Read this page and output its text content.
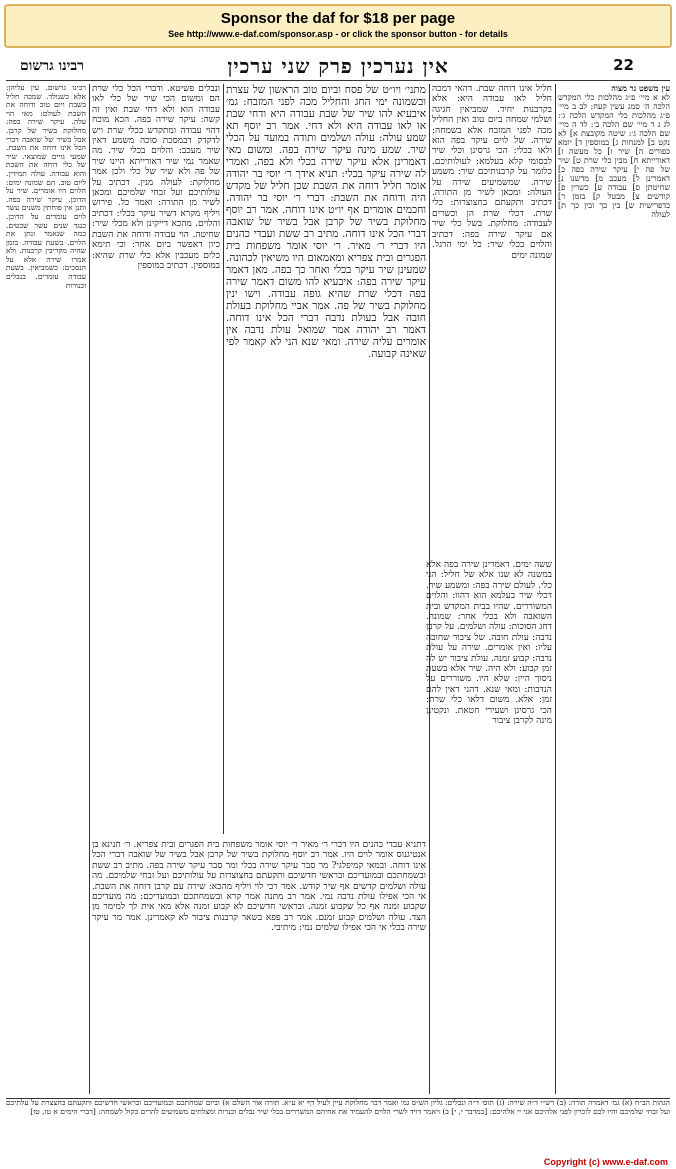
Sponsor the daf for $18 per page
See http://www.e-daf.com/sponsor.asp - or click the sponsor button - for details
22
אין נערכין פרק שני ערכין
רבינו גרשום
עין משפט נר מצוה
לא א מיי׳ פ״ג מהלכות כלי המקדש הלכה ה׳ סמג עשין קעח: לב ב מיי׳ פ״ג מהלכות כלי המקדש הלכה ג׳: לג ג ד מיי׳ שם הלכה ב׳: לד ה מיי׳ שם הלכה ג׳: שיטה מקובצת א] לא נקט ב] למנחות ג] במוספין ד] יומא כפורים ה] שיר ו] כל מעשה ז] דאורייתא ח] מבין כלי שרת ט] שיר של פה י] עיקר שירה בפה כ] דאמרינן ל] מעכב מ] מדשנו נ] שחיטתן ס] עבודה ע] כשרין פ] קודשים צ] מבטל ק] בזמן ר] כדפרישית ש] בין כך ובין כך ת] לעולה
חליל אינו דוחה שבת. דהאי דמכה חליל לאו עבודה היא: אלא בקרבנות יחיד. שמביאין חגיגה ושלמי שמחה ביום טוב ואין החליל מכה לפני המזבח אלא בשמחה: שירה. של לוים עיקר בפה הוא ולאו בכלי: הכי גרסינן וכלי שיר לבסומי קלא בעלמא: לעולותיכם. כלומר על קרבנותיכם שיר: משמע שירה. שמשמיעים שירה על העולה: ומכאן לשיר מן התורה. דכתיב ותקעתם בחצוצרות: כלי שרת. דכלי שרת הן וכשרים לעבודה: מחלוקת. בשל כלי שיר אם עיקר שירה בפה: דכתיב והלוים בכלי שיר: כל ימי הרגל. שמונה ימים
מתני׳ ויו״ט של פסח וביום טוב הראשון של עצרת ובשמונה ימי החג והחליל מכה לפני המזבח: גמ׳ איבעיא להו שיר של שבת עבודה היא ודחי שבת או לאו עבודה היא ולא דחי. אמר רב יוסף תא שמע עולה: עולה ושלמים ותודה במועד על הכלי שיר. שמע מינה עיקר שירה בפה. ומשום מאי דאמרינן אלא עיקר שירה בכלי ולא בפה. ואמרי לה שירה עיקר בכלי: תניא אידך ר׳ יוסי בר יהודה אומר חליל דוחה את השבת שכן חליל של מקדש היה ודוחה את השבת: דברי ר׳ יוסי בר יהודה. וחכמים אומרים אף יו״ט אינו דוחה. אמר רב יוסף מחלוקת בשיר של קרבן אבל בשיר של שואבה דברי הכל אינו דוחה. מתיב רב ששת ועבדי כהנים היו דברי ר׳ מאיר. ר׳ יוסי אומר משפחות בית הפגרים ובית צפריא ומאמאום היו משיאין לכהונה. שמעינן שיר עיקר בכלי ואחר כך בפה. מאן דאמר עיקר שירה בפה: איבעיא להו משום דאמר שירה בפה דכלי שרת שהיא גופה עבודה. וישו ינין מחלוקת בשיר של פה. אמר אביי מחלוקת בעולת חובה אבל בעולת נדבה דברי הכל אינו דוחה. דאמר רב יהודה אמר שמואל עולת נדבה אין אומרים עליה שירה. ומאי שנא הני לא קאמר לפי שאינה קבועה.
ונבלים פשיטא. ודברי הכל כלי שרת הם ומשום הכי שיר של כלי לאו עבודה הוא ולא דחי שבת ואין זה קשה: עיקר שירה בפה. הכא מוכח דהוי עבודה ומתקדש בכלי שרת ויש לדקדק דבמסכת סוכה משמע דאין שיר מעכב: והלוים בכלי שיר. מה שאמר נמי שיר דאורייתא היינו שיר של פה ולא שיר של כלי ולכן אמר מחלוקת: לעולה מנין. דכתיב על עולותיכם ועל זבחי שלמיכם ומכאן לשיר מן התורה: ואמר כל. פירוש ויליף מקרא דשיר עיקר בכלי: דכתיב והלוים. מהכא דייקינן ולא מכלי שיר: שחיטה. הוי עבודה ודוחה את השבת כיון דאפשר ביום אחר: וכי תימא כלים מעכבין אלא כלי שרת שהיא: במוספין. דכתיב במוספין
רבינו גרשום. עין עליהן: אלא כשנולד. שמכה חליל בשבת ויום טוב ודוחה את השבת לעולם: מאי הוי עלה. עיקר שירה בפה: מחלוקת בשיר של קרבן. אבל בשיר של שואבה דברי הכל אינו דוחה את השבת. שמעי גויים שמוצאי. שיר של כלי דוחה את השבת והוא עבודה. עולה תמידין. ליום טוב. הם שמונה ימים: הלוים היו אומרים. שיר על הדוכן. עיקר שירה בפה. ותנן אין פוחתין משנים עשר לוים עומדים על הדוכן. כנגד שנים עשר שבטים. כמה שנאמר ונתן את הלוים. בשעת עבודה. בזמן שהיה מקריבין קרבנות. ולא אמרו שירה אלא על הנסכים: כשמביאין. בשעת עבודה עומדים. בנבלים וכנורות
ששה ימים. דאמרינן שירה בפה אלא במשנה לא שנו אלא של חליל: הני כלי. לעולם שירה בפה: ומשמע שיר. דכלי שיר בעלמא הוא דהוו: והלוים המשוררים. שהיו בבית המקדש ובית השואבה ולא בכלי אחר: שמונה. דחג הסוכות: עולה ושלמים. על קרבן נדבה: עולת חובה. של ציבור שחובה עליו: ואין אומרים. שירה על עולת נדבה: קבוע זמנה. עולת ציבור יש לה זמן קבוע: ולא היה. שיר אלא בשעת ניסוך היין: שלא היו. משוררים על הנדבות: ומאי שנא. דהני דאין להם זמן: אלא. משום דלאו כלי שרת: הכי גרסינן ושעירי חטאת. ונקטינן מינה לקרבן ציבור
דתניא עבדי כהנים היו דברי ר׳ מאיר ר׳ יוסי אומר משפחות בית הפגרים ובית צפריא. ר׳ חנינא בן אנטיגנוס אומר לוים היו. אמר רב יוסף מחלוקת בשיר של קרבן אבל בשיר של שואבה דברי הכל אינו דוחה. ובמאי קמיפלגי? מר סבר עיקר שירה בכלי ומר סבר עיקר שירה בפה. מתיב רב ששת ובשמחתכם ובמועדיכם ובראשי חדשיכם ותקעתם בחצוצרות על עולותיכם ועל זבחי שלמיכם. מה עולה ושלמים קדשים אף שיר קודש. אמר רבי לוי ויליף מהכא: שירה עם קרבן דוחה את השבת. אי הכי אפילו עולת נדבה נמי. אמר רב מתנה אמר קרא ובשמחתכם ובמועדיכם: מה מועדיכם שקבוע זמנה אף כל שקבוע זמנה. ובראשי חדשיכם לא קבוע זמנה אלא מאי אית לך למימר מן הצד. עולה ושלמים קבוע זמנם. אמר רב פפא בשאר קרבנות ציבור לא קאמרינן. אמר מר עיקר שירה בכלי אי הכי אפילו שלמים נמי: מיתיבי.
הגהות הב״ח (א) גמ׳ דאמרה תורה: (ב) רש״י ד״ה שירה: (ג) תוס׳ ד״ה ונבלים: גליון הש״ס גמ׳ ואמר דבר מחלוקת עיין לעיל דף יא ע״א. תורה אור השלם א) וביום שמחתכם ובמועדיכם ובראשי חדשיכם ותקעתם בחצצרת על עלתיכם ועל זבחי שלמיכם והיו לכם לזכרון לפני אלהיכם אני יי אלהיכם: [במדבר י, י] ב) ויאמר דויד לשרי הלוים להעמיד את אחיהם המשררים בכלי שיר נבלים וכנרות ומצלתים משמיעים להרים בקול לשמחה: [דברי הימים א טו, טז]
Copyright (c) www.e-daf.com
